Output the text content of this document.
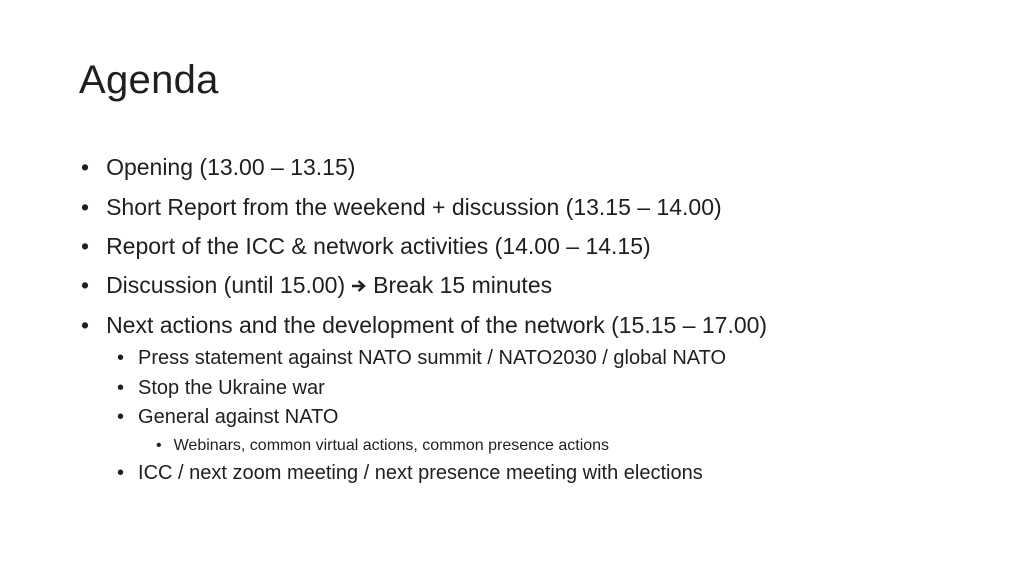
Agenda
• Opening (13.00 – 13.15)
• Short Report from the weekend + discussion (13.15 – 14.00)
• Report of the ICC & network activities (14.00 – 14.15)
• Discussion (until 15.00) Break 15 minutes
• Next actions and the development of the network (15.15 – 17.00)
• Press statement against NATO summit / NATO2030 / global NATO
• Stop the Ukraine war
• General against NATO
• Webinars, common virtual actions, common presence actions
• ICC / next zoom meeting / next presence meeting with elections
